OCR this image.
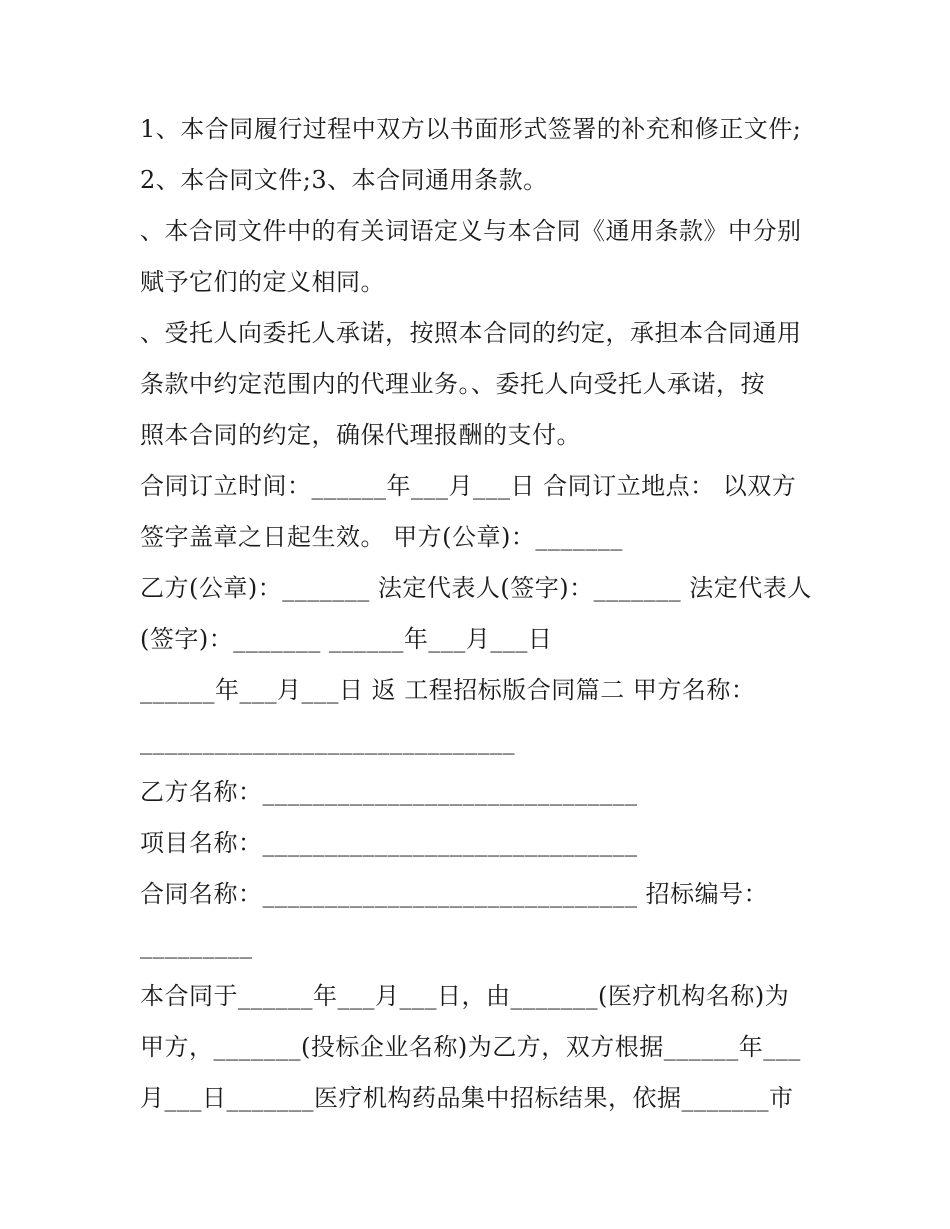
1、本合同履行过程中双方以书面形式签署的补充和修正文件;
2、本合同文件;3、本合同通用条款。
、本合同文件中的有关词语定义与本合同《通用条款》中分别
赋予它们的定义相同。
、受托人向委托人承诺，按照本合同的约定，承担本合同通用
条款中约定范围内的代理业务。、委托人向受托人承诺，按
照本合同的约定，确保代理报酬的支付。
合同订立时间：______年___月___日 合同订立地点： 以双方
签字盖章之日起生效。 甲方(公章)：_______
乙方(公章)：_______ 法定代表人(签字)：_______ 法定代表人
(签字)：_______ ______年___月___日
______年___月___日 返 工程招标版合同篇二 甲方名称：
______________________________
乙方名称：______________________________
项目名称：______________________________
合同名称：______________________________ 招标编号：
_________
本合同于______年___月___日，由_______(医疗机构名称)为
甲方，_______(投标企业名称)为乙方，双方根据______年___
月___日_______医疗机构药品集中招标结果，依据_______市
